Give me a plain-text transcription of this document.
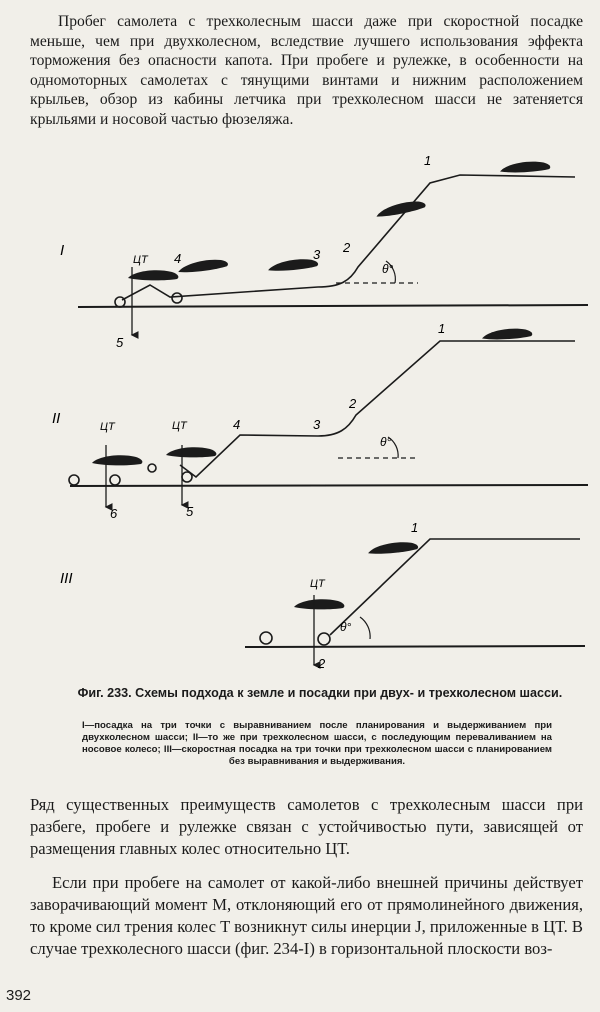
Пробег самолета с трехколесным шасси даже при скоростной посадке меньше, чем при двухколесном, вследствие лучшего использования эффекта торможения без опасности капота. При пробеге и рулежке, в особенности на одномоторных самолетах с тянущими винтами и нижним расположением крыльев, обзор из кабины летчика при трехколесном шасси не затеняется крыльями и носовой частью фюзеляжа.

I
θ°
ЦТ
5
4	3 2
1
II
θ°
ЦТ	ЦТ
6	5
4	3
2
1
III
θ°
ЦТ
2
1
Фиг. 233. Схемы подхода к земле и посадки при двух- и трехколесном шасси.
I—посадка на три точки с выравниванием после планирования и выдерживанием при двухколесном шасси; II—то же при трехколесном шасси, с последующим переваливанием на носовое колесо; III—скоростная посадка на три точки при трехколесном шасси с планированием без выравнивания и выдерживания.

Ряд существенных преимуществ самолетов с трехколесным шасси при разбеге, пробеге и рулежке связан с устойчивостью пути, зависящей от размещения главных колес относительно ЦТ.

Если при пробеге на самолет от какой-либо внешней причины действует заворачивающий момент M, отклоняющий его от прямолинейного движения, то кроме сил трения колес T возникнут силы инерции J, приложенные в ЦТ. В случае трехколесного шасси (фиг. 234-I) в горизонтальной плоскости воз-

392
